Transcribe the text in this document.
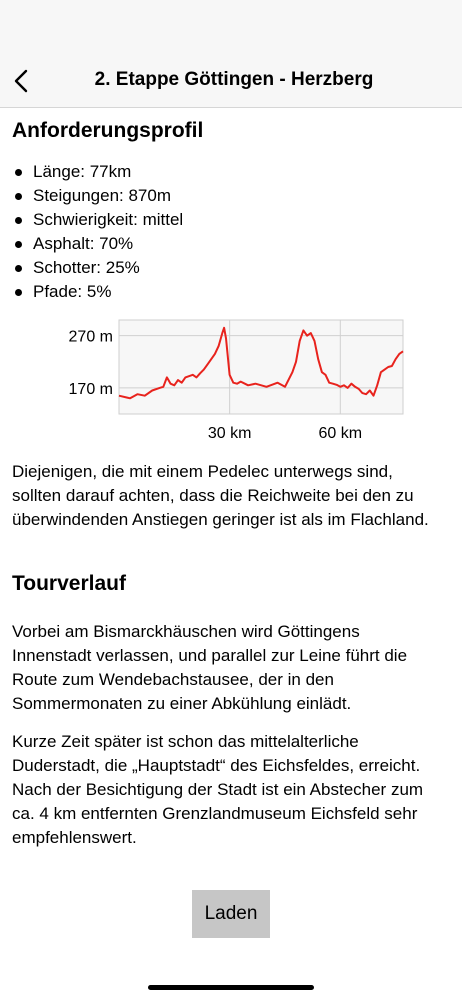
2. Etappe Göttingen - Herzberg
Anforderungsprofil
Länge: 77km
Steigungen: 870m
Schwierigkeit: mittel
Asphalt: 70%
Schotter: 25%
Pfade: 5%
270 m
170 m
30 km	60 km

Diejenigen, die mit einem Pedelec unterwegs sind, sollten darauf achten, dass die Reichweite bei den zu überwindenden Anstiegen geringer ist als im Flachland.

Tourverlauf

Vorbei am Bismarckhäuschen wird Göttingens Innenstadt verlassen, und parallel zur Leine führt die Route zum Wendebachstausee, der in den Sommermonaten zu einer Abkühlung einlädt.

Kurze Zeit später ist schon das mittelalterliche Duderstadt, die „Hauptstadt“ des Eichsfeldes, erreicht. Nach der Besichtigung der Stadt ist ein Abstecher zum ca. 4 km entfernten Grenzlandmuseum Eichsfeld sehr empfehlenswert.

Laden
